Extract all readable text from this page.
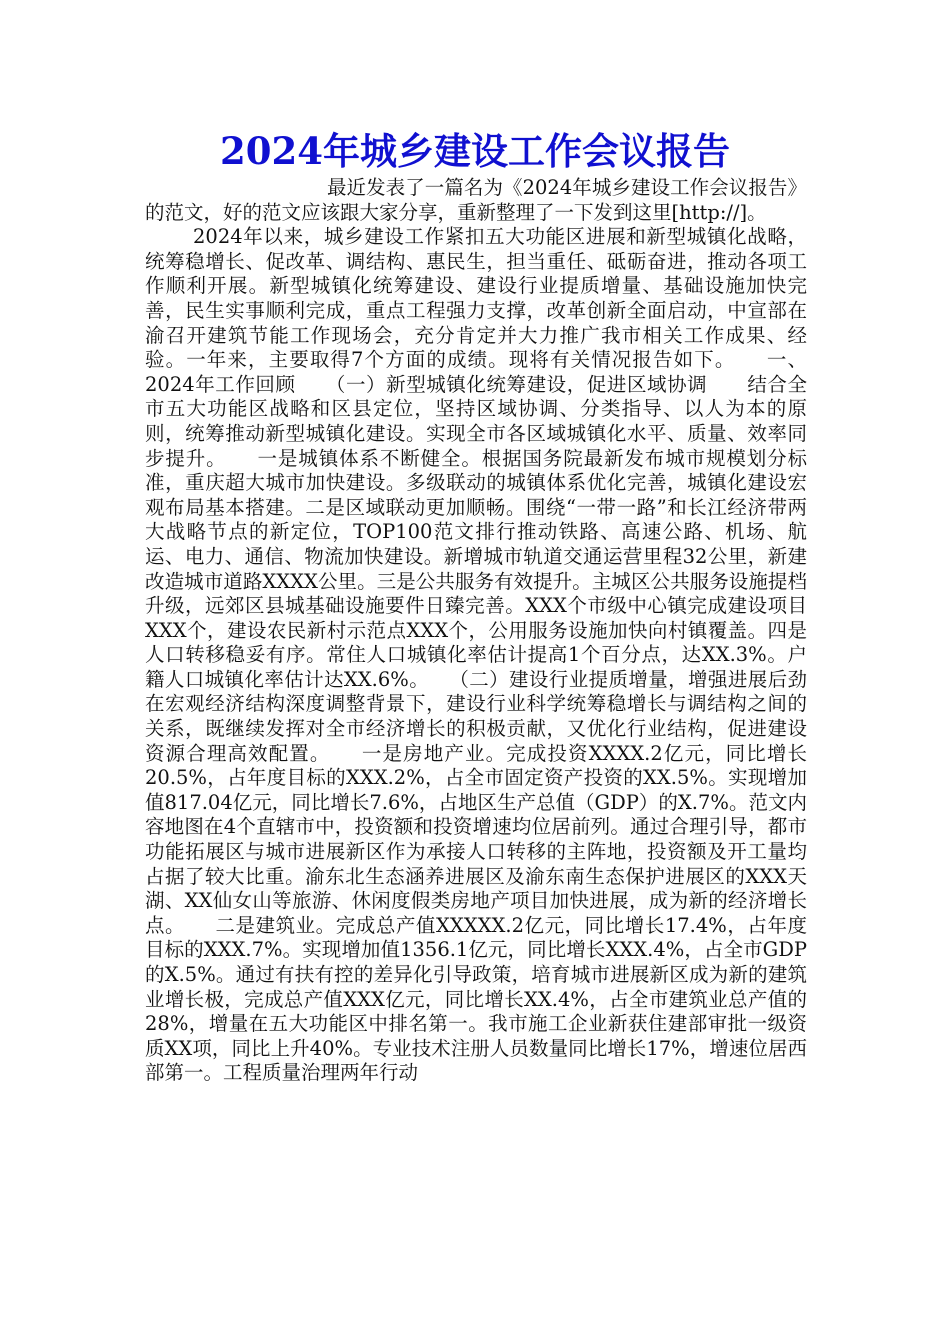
2024年城乡建设工作会议报告

最近发表了一篇名为《2024年城乡建设工作会议报告》的范文，好的范文应该跟大家分享，重新整理了一下发到这里[http://]。

2024年以来，城乡建设工作紧扣五大功能区进展和新型城镇化战略，统筹稳增长、促改革、调结构、惠民生，担当重任、砥砺奋进，推动各项工作顺利开展。新型城镇化统筹建设、建设行业提质增量、基础设施加快完善，民生实事顺利完成，重点工程强力支撑，改革创新全面启动，中宣部在渝召开建筑节能工作现场会，充分肯定并大力推广我市相关工作成果、经验。一年来，主要取得7个方面的成绩。现将有关情况报告如下。　　一、2024年工作回顾　　（一）新型城镇化统筹建设，促进区域协调　　结合全市五大功能区战略和区县定位，坚持区域协调、分类指导、以人为本的原则，统筹推动新型城镇化建设。实现全市各区域城镇化水平、质量、效率同步提升。　　一是城镇体系不断健全。根据国务院最新发布城市规模划分标准，重庆超大城市加快建设。多级联动的城镇体系优化完善，城镇化建设宏观布局基本搭建。二是区域联动更加顺畅。围绕“一带一路”和长江经济带两大战略节点的新定位，TOP100范文排行推动铁路、高速公路、机场、航运、电力、通信、物流加快建设。新增城市轨道交通运营里程32公里，新建改造城市道路XXXX公里。三是公共服务有效提升。主城区公共服务设施提档升级，远郊区县城基础设施要件日臻完善。XXX个市级中心镇完成建设项目XXX个，建设农民新村示范点XXX个，公用服务设施加快向村镇覆盖。四是人口转移稳妥有序。常住人口城镇化率估计提高1个百分点，达XX.3%。户籍人口城镇化率估计达XX.6%。　　（二）建设行业提质增量，增强进展后劲　　在宏观经济结构深度调整背景下，建设行业科学统筹稳增长与调结构之间的关系，既继续发挥对全市经济增长的积极贡献，又优化行业结构，促进建设资源合理高效配置。　　一是房地产业。完成投资XXXX.2亿元，同比增长20.5%，占年度目标的XXX.2%，占全市固定资产投资的XX.5%。实现增加值817.04亿元，同比增长7.6%，占地区生产总值（GDP）的X.7%。范文内容地图在4个直辖市中，投资额和投资增速均位居前列。通过合理引导，都市功能拓展区与城市进展新区作为承接人口转移的主阵地，投资额及开工量均占据了较大比重。渝东北生态涵养进展区及渝东南生态保护进展区的XXX天湖、XX仙女山等旅游、休闲度假类房地产项目加快进展，成为新的经济增长点。　　二是建筑业。完成总产值XXXXX.2亿元，同比增长17.4%，占年度目标的XXX.7%。实现增加值1356.1亿元，同比增长XXX.4%，占全市GDP的X.5%。通过有扶有控的差异化引导政策，培育城市进展新区成为新的建筑业增长极，完成总产值XXX亿元，同比增长XX.4%，占全市建筑业总产值的28%，增量在五大功能区中排名第一。我市施工企业新获住建部审批一级资质XX项，同比上升40%。专业技术注册人员数量同比增长17%，增速位居西部第一。工程质量治理两年行动
